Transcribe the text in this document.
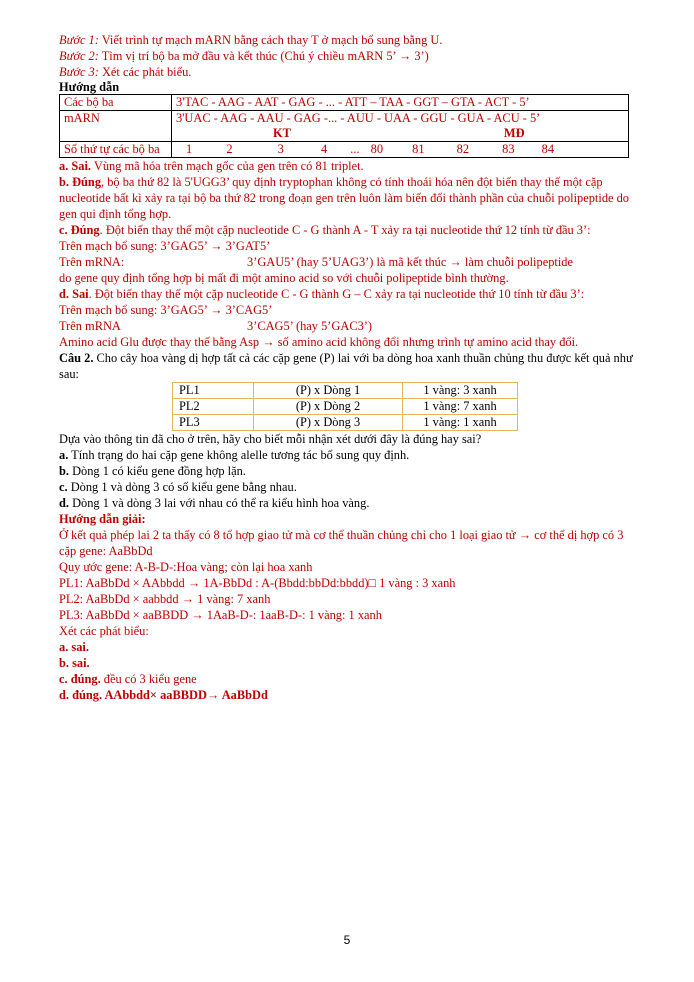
Bước 1: Viết trình tự mạch mARN bằng cách thay T ở mạch bổ sung bằng U.

Bước 2: Tìm vị trí bộ ba mở đầu và kết thúc (Chú ý chiều mARN 5’ → 3’)

Bước 3: Xét các phát biểu.

Hướng dẫn

Các bộ ba	3'TAC - AAG - AAT - GAG - ... - ATT – TAA - GGT – GTA - ACT - 5’
mARN	3'UAC - AAG - AAU - GAG -... - AUU - UAA - GGU - GUA - ACU - 5’
KT MĐ

Số thứ tự các bộ ba	1 2 3 4 ... 80 81 82 83 84

a. Sai. Vùng mã hóa trên mạch gốc của gen trên có 81 triplet.

b. Đúng, bộ ba thứ 82 là 5'UGG3’ quy định tryptophan không có tính thoái hóa nên đột biến thay thế một cặp nucleotide bất kì xảy ra tại bộ ba thứ 82 trong đoạn gen trên luôn làm biến đổi thành phần của chuỗi polipeptide do gen qui định tổng hợp.

c. Đúng. Đột biến thay thế một cặp nucleotide C - G thành A - T xảy ra tại nucleotide thứ 12 tính từ đầu 3’:

Trên mạch bổ sung: 3’GAG5’ → 3’GAT5’

Trên mRNA:	3’GAU5’ (hay 5’UAG3’) là mã kết thúc → làm chuỗi polipeptide

do gene quy định tổng hợp bị mất đi một amino acid so với chuỗi polipeptide bình thường.

d. Sai. Đột biến thay thế một cặp nucleotide C - G thành G – C xảy ra tại nucleotide thứ 10 tính từ đầu 3’:

Trên mạch bổ sung: 3’GAG5’ → 3’CAG5’

Trên mRNA	3’CAG5’ (hay 5’GAC3’)

Amino acid Glu được thay thế bằng Asp → số amino acid không đổi nhưng trình tự amino acid thay đổi.

Câu 2. Cho cây hoa vàng dị hợp tất cả các cặp gene (P) lai với ba dòng hoa xanh thuần chủng thu được kết quả như sau:

PL1	(P) x Dòng 1	1 vàng: 3 xanh
PL2	(P) x Dòng 2	1 vàng: 7 xanh
PL3	(P) x Dòng 3	1 vàng: 1 xanh

Dựa vào thông tin đã cho ở trên, hãy cho biết mỗi nhận xét dưới đây là đúng hay sai?

a. Tính trạng do hai cặp gene không alelle tương tác bổ sung quy định.

b. Dòng 1 có kiểu gene đồng hợp lặn.

c. Dòng 1 và dòng 3 có số kiểu gene bằng nhau.

d. Dòng 1 và dòng 3 lai với nhau có thể ra kiểu hình hoa vàng.

Hướng dẫn giải:

Ở kết quả phép lai 2 ta thấy có 8 tổ hợp giao tử mà cơ thể thuần chủng chỉ cho 1 loại giao tử → cơ thể dị hợp có 3 cặp gene: AaBbDd

Quy ước gene: A-B-D-:Hoa vàng; còn lại hoa xanh

PL1: AaBbDd × AAbbdd → 1A-BbDd : A-(Bbdd:bbDd:bbdd)□ 1 vàng : 3 xanh

PL2: AaBbDd × aabbdd → 1 vàng: 7 xanh

PL3: AaBbDd × aaBBDD → 1AaB-D-: 1aaB-D-: 1 vàng: 1 xanh

Xét các phát biểu:

a. sai.

b. sai.

c. đúng. đều có 3 kiểu gene

d. đúng. AAbbdd× aaBBDD→ AaBbDd

5
